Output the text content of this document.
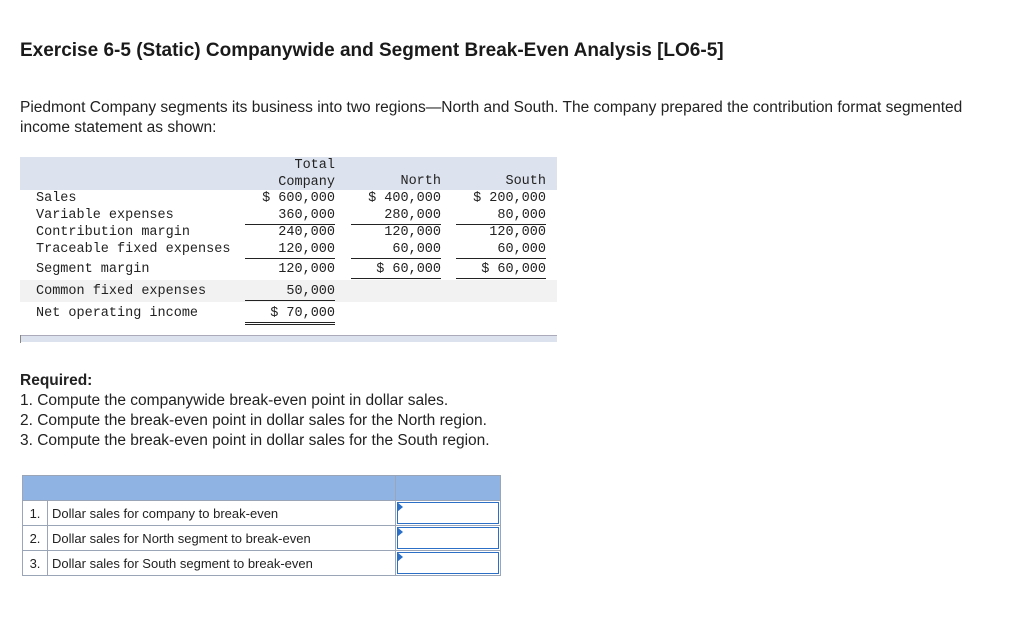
Exercise 6-5 (Static) Companywide and Segment Break-Even Analysis [LO6-5]
Piedmont Company segments its business into two regions—North and South. The company prepared the contribution format segmented income statement as shown:
Total
Company	North	South
Sales	$ 600,000	$ 400,000	$ 200,000
Variable expenses	360,000	280,000	80,000
Contribution margin	240,000	120,000	120,000
Traceable fixed expenses	120,000	60,000	60,000
Segment margin	120,000	$ 60,000	$ 60,000
Common fixed expenses	50,000
Net operating income	$ 70,000
Required:
1. Compute the companywide break-even point in dollar sales.
2. Compute the break-even point in dollar sales for the North region.
3. Compute the break-even point in dollar sales for the South region.

1.	Dollar sales for company to break-even	

2.	Dollar sales for North segment to break-even	

3.	Dollar sales for South segment to break-even	
